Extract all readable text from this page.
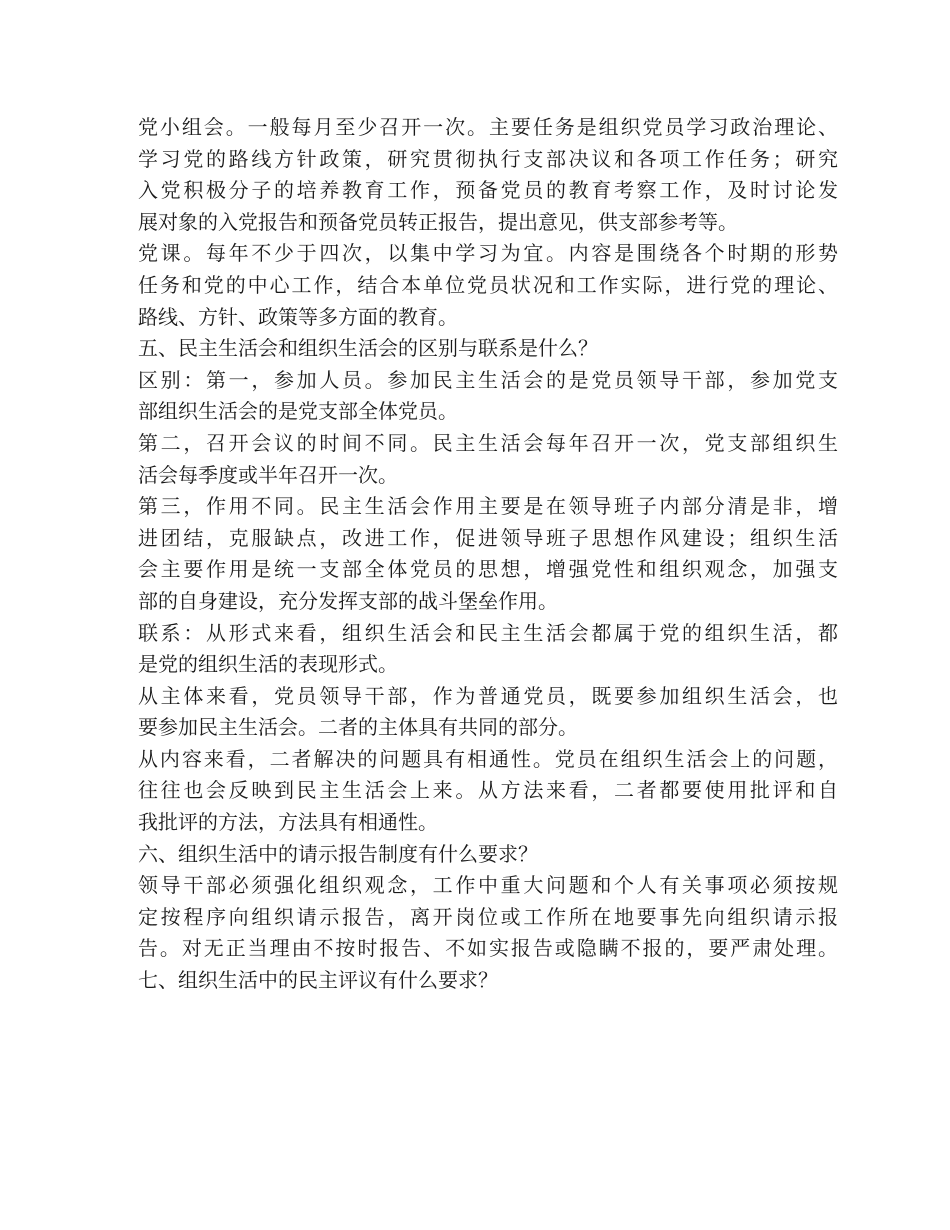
党小组会。一般每月至少召开一次。主要任务是组织党员学习政治理论、
学习党的路线方针政策，研究贯彻执行支部决议和各项工作任务；研究
入党积极分子的培养教育工作，预备党员的教育考察工作，及时讨论发
展对象的入党报告和预备党员转正报告，提出意见，供支部参考等。
党课。每年不少于四次，以集中学习为宜。内容是围绕各个时期的形势
任务和党的中心工作，结合本单位党员状况和工作实际，进行党的理论、
路线、方针、政策等多方面的教育。
五、民主生活会和组织生活会的区别与联系是什么？
区别：第一，参加人员。参加民主生活会的是党员领导干部，参加党支
部组织生活会的是党支部全体党员。
第二，召开会议的时间不同。民主生活会每年召开一次，党支部组织生
活会每季度或半年召开一次。
第三，作用不同。民主生活会作用主要是在领导班子内部分清是非，增
进团结，克服缺点，改进工作，促进领导班子思想作风建设；组织生活
会主要作用是统一支部全体党员的思想，增强党性和组织观念，加强支
部的自身建设，充分发挥支部的战斗堡垒作用。
联系：从形式来看，组织生活会和民主生活会都属于党的组织生活，都
是党的组织生活的表现形式。
从主体来看，党员领导干部，作为普通党员，既要参加组织生活会，也
要参加民主生活会。二者的主体具有共同的部分。
从内容来看，二者解决的问题具有相通性。党员在组织生活会上的问题，
往往也会反映到民主生活会上来。从方法来看，二者都要使用批评和自
我批评的方法，方法具有相通性。
六、组织生活中的请示报告制度有什么要求？
领导干部必须强化组织观念，工作中重大问题和个人有关事项必须按规
定按程序向组织请示报告，离开岗位或工作所在地要事先向组织请示报
告。对无正当理由不按时报告、不如实报告或隐瞒不报的，要严肃处理。
七、组织生活中的民主评议有什么要求？
